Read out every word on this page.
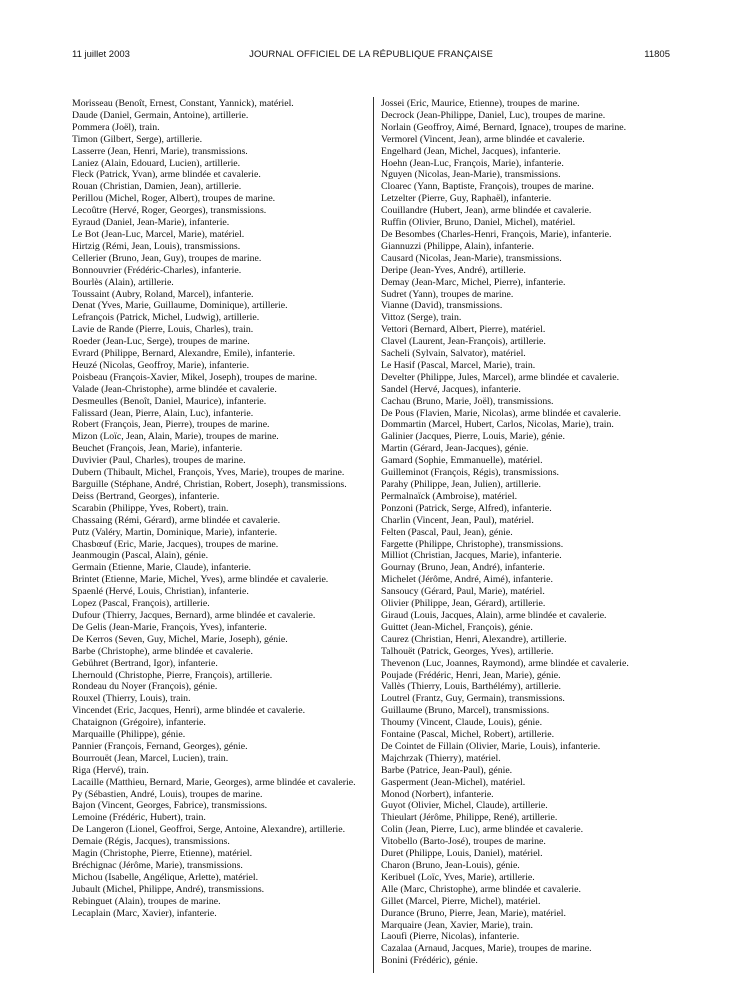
11 juillet 2003	JOURNAL OFFICIEL DE LA RÉPUBLIQUE FRANÇAISE	11805
Morisseau (Benoît, Ernest, Constant, Yannick), matériel.
Daude (Daniel, Germain, Antoine), artillerie.
Pommera (Joël), train.
Timon (Gilbert, Serge), artillerie.
Lasserre (Jean, Henri, Marie), transmissions.
Laniez (Alain, Edouard, Lucien), artillerie.
Fleck (Patrick, Yvan), arme blindée et cavalerie.
Rouan (Christian, Damien, Jean), artillerie.
Perillou (Michel, Roger, Albert), troupes de marine.
Lecoûtre (Hervé, Roger, Georges), transmissions.
Eyraud (Daniel, Jean-Marie), infanterie.
Le Bot (Jean-Luc, Marcel, Marie), matériel.
Hirtzig (Rémi, Jean, Louis), transmissions.
Cellerier (Bruno, Jean, Guy), troupes de marine.
Bonnouvrier (Frédéric-Charles), infanterie.
Bourlès (Alain), artillerie.
Toussaint (Aubry, Roland, Marcel), infanterie.
Denat (Yves, Marie, Guillaume, Dominique), artillerie.
Lefrançois (Patrick, Michel, Ludwig), artillerie.
Lavie de Rande (Pierre, Louis, Charles), train.
Roeder (Jean-Luc, Serge), troupes de marine.
Evrard (Philippe, Bernard, Alexandre, Emile), infanterie.
Heuzé (Nicolas, Geoffroy, Marie), infanterie.
Poisbeau (François-Xavier, Mikel, Joseph), troupes de marine.
Valade (Jean-Christophe), arme blindée et cavalerie.
Desmeulles (Benoît, Daniel, Maurice), infanterie.
Falissard (Jean, Pierre, Alain, Luc), infanterie.
Robert (François, Jean, Pierre), troupes de marine.
Mizon (Loïc, Jean, Alain, Marie), troupes de marine.
Beuchet (François, Jean, Marie), infanterie.
Duvivier (Paul, Charles), troupes de marine.
Dubern (Thibault, Michel, François, Yves, Marie), troupes de marine.
Barguille (Stéphane, André, Christian, Robert, Joseph), transmissions.
Deiss (Bertrand, Georges), infanterie.
Scarabin (Philippe, Yves, Robert), train.
Chassaing (Rémi, Gérard), arme blindée et cavalerie.
Putz (Valéry, Martin, Dominique, Marie), infanterie.
Chasbœuf (Eric, Marie, Jacques), troupes de marine.
Jeanmougin (Pascal, Alain), génie.
Germain (Etienne, Marie, Claude), infanterie.
Brintet (Etienne, Marie, Michel, Yves), arme blindée et cavalerie.
Spaenlé (Hervé, Louis, Christian), infanterie.
Lopez (Pascal, François), artillerie.
Dufour (Thierry, Jacques, Bernard), arme blindée et cavalerie.
De Gelis (Jean-Marie, François, Yves), infanterie.
De Kerros (Seven, Guy, Michel, Marie, Joseph), génie.
Barbe (Christophe), arme blindée et cavalerie.
Gebühret (Bertrand, Igor), infanterie.
Lhernould (Christophe, Pierre, François), artillerie.
Rondeau du Noyer (François), génie.
Rouxel (Thierry, Louis), train.
Vincendet (Eric, Jacques, Henri), arme blindée et cavalerie.
Chataignon (Grégoire), infanterie.
Marquaille (Philippe), génie.
Pannier (François, Fernand, Georges), génie.
Bourrouët (Jean, Marcel, Lucien), train.
Riga (Hervé), train.
Lacaille (Matthieu, Bernard, Marie, Georges), arme blindée et cavalerie.
Py (Sébastien, André, Louis), troupes de marine.
Bajon (Vincent, Georges, Fabrice), transmissions.
Lemoine (Frédéric, Hubert), train.
De Langeron (Lionel, Geoffroi, Serge, Antoine, Alexandre), artillerie.
Demaie (Régis, Jacques), transmissions.
Magin (Christophe, Pierre, Etienne), matériel.
Bréchignac (Jérôme, Marie), transmissions.
Michou (Isabelle, Angélique, Arlette), matériel.
Jubault (Michel, Philippe, André), transmissions.
Rebinguet (Alain), troupes de marine.
Lecaplain (Marc, Xavier), infanterie.
Jossei (Eric, Maurice, Etienne), troupes de marine.
Decrock (Jean-Philippe, Daniel, Luc), troupes de marine.
Norlain (Geoffroy, Aimé, Bernard, Ignace), troupes de marine.
Vermorel (Vincent, Jean), arme blindée et cavalerie.
Engelhard (Jean, Michel, Jacques), infanterie.
Hoehn (Jean-Luc, François, Marie), infanterie.
Nguyen (Nicolas, Jean-Marie), transmissions.
Cloarec (Yann, Baptiste, François), troupes de marine.
Letzelter (Pierre, Guy, Raphaël), infanterie.
Couillandre (Hubert, Jean), arme blindée et cavalerie.
Ruffin (Olivier, Bruno, Daniel, Michel), matériel.
De Besombes (Charles-Henri, François, Marie), infanterie.
Giannuzzi (Philippe, Alain), infanterie.
Causard (Nicolas, Jean-Marie), transmissions.
Deripe (Jean-Yves, André), artillerie.
Demay (Jean-Marc, Michel, Pierre), infanterie.
Sudret (Yann), troupes de marine.
Vianne (David), transmissions.
Vittoz (Serge), train.
Vettori (Bernard, Albert, Pierre), matériel.
Clavel (Laurent, Jean-François), artillerie.
Sacheli (Sylvain, Salvator), matériel.
Le Hasif (Pascal, Marcel, Marie), train.
Develter (Philippe, Jules, Marcel), arme blindée et cavalerie.
Sandel (Hervé, Jacques), infanterie.
Cachau (Bruno, Marie, Joël), transmissions.
De Pous (Flavien, Marie, Nicolas), arme blindée et cavalerie.
Dommartin (Marcel, Hubert, Carlos, Nicolas, Marie), train.
Galinier (Jacques, Pierre, Louis, Marie), génie.
Martin (Gérard, Jean-Jacques), génie.
Gamard (Sophie, Emmanuelle), matériel.
Guilleminot (François, Régis), transmissions.
Parahy (Philippe, Jean, Julien), artillerie.
Permalnaïck (Ambroise), matériel.
Ponzoni (Patrick, Serge, Alfred), infanterie.
Charlin (Vincent, Jean, Paul), matériel.
Felten (Pascal, Paul, Jean), génie.
Fargette (Philippe, Christophe), transmissions.
Milliot (Christian, Jacques, Marie), infanterie.
Gournay (Bruno, Jean, André), infanterie.
Michelet (Jérôme, André, Aimé), infanterie.
Sansoucy (Gérard, Paul, Marie), matériel.
Olivier (Philippe, Jean, Gérard), artillerie.
Giraud (Louis, Jacques, Alain), arme blindée et cavalerie.
Guittet (Jean-Michel, François), génie.
Caurez (Christian, Henri, Alexandre), artillerie.
Talhouët (Patrick, Georges, Yves), artillerie.
Thevenon (Luc, Joannes, Raymond), arme blindée et cavalerie.
Poujade (Frédéric, Henri, Jean, Marie), génie.
Vallès (Thierry, Louis, Barthélémy), artillerie.
Loutrel (Frantz, Guy, Germain), transmissions.
Guillaume (Bruno, Marcel), transmissions.
Thoumy (Vincent, Claude, Louis), génie.
Fontaine (Pascal, Michel, Robert), artillerie.
De Cointet de Fillain (Olivier, Marie, Louis), infanterie.
Majchrzak (Thierry), matériel.
Barbe (Patrice, Jean-Paul), génie.
Gasperment (Jean-Michel), matériel.
Monod (Norbert), infanterie.
Guyot (Olivier, Michel, Claude), artillerie.
Thieulart (Jérôme, Philippe, René), artillerie.
Colin (Jean, Pierre, Luc), arme blindée et cavalerie.
Vitobello (Barto-José), troupes de marine.
Duret (Philippe, Louis, Daniel), matériel.
Charon (Bruno, Jean-Louis), génie.
Keribuel (Loïc, Yves, Marie), artillerie.
Alle (Marc, Christophe), arme blindée et cavalerie.
Gillet (Marcel, Pierre, Michel), matériel.
Durance (Bruno, Pierre, Jean, Marie), matériel.
Marquaire (Jean, Xavier, Marie), train.
Laoufi (Pierre, Nicolas), infanterie.
Cazalaa (Arnaud, Jacques, Marie), troupes de marine.
Bonini (Frédéric), génie.
